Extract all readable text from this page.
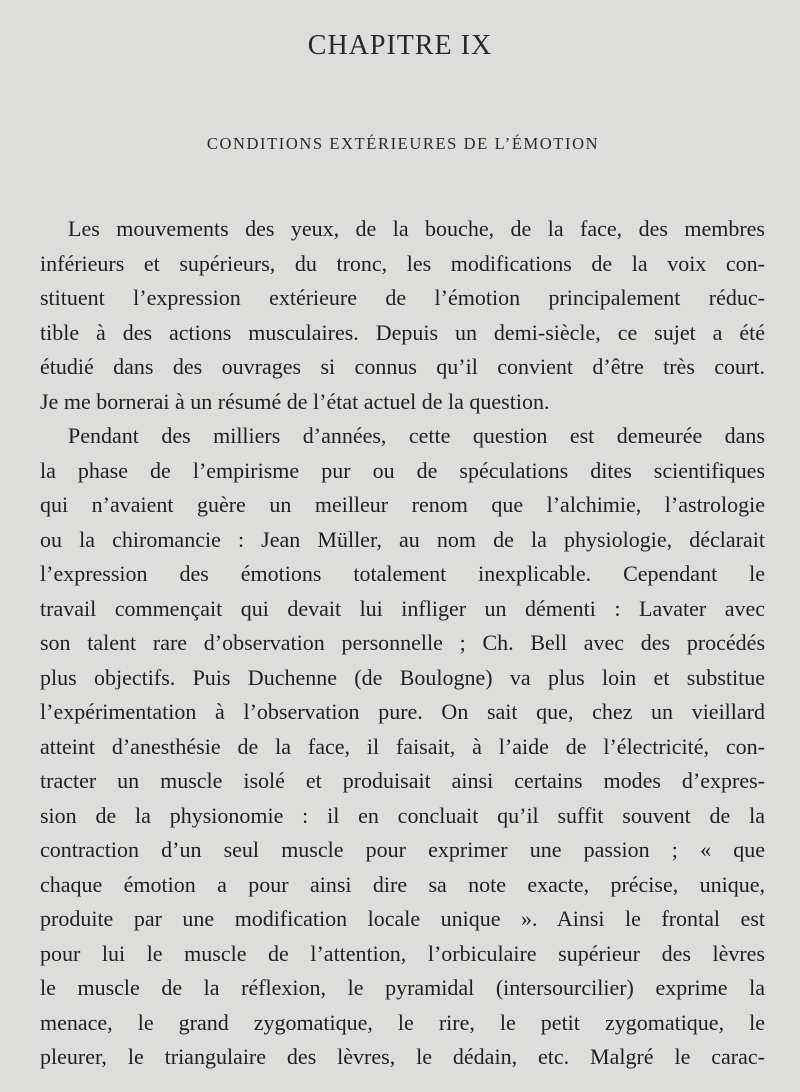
CHAPITRE IX
CONDITIONS EXTÉRIEURES DE L’ÉMOTION
Les mouvements des yeux, de la bouche, de la face, des membres
inférieurs et supérieurs, du tronc, les modifications de la voix con-
stituent l’expression extérieure de l’émotion principalement réduc-
tible à des actions musculaires. Depuis un demi-siècle, ce sujet a été
étudié dans des ouvrages si connus qu’il convient d’être très court.
Je me bornerai à un résumé de l’état actuel de la question.
Pendant des milliers d’années, cette question est demeurée dans
la phase de l’empirisme pur ou de spéculations dites scientifiques
qui n’avaient guère un meilleur renom que l’alchimie, l’astrologie
ou la chiromancie : Jean Müller, au nom de la physiologie, déclarait
l’expression des émotions totalement inexplicable. Cependant le
travail commençait qui devait lui infliger un démenti : Lavater avec
son talent rare d’observation personnelle ; Ch. Bell avec des procédés
plus objectifs. Puis Duchenne (de Boulogne) va plus loin et substitue
l’expérimentation à l’observation pure. On sait que, chez un vieillard
atteint d’anesthésie de la face, il faisait, à l’aide de l’électricité, con-
tracter un muscle isolé et produisait ainsi certains modes d’expres-
sion de la physionomie : il en concluait qu’il suffit souvent de la
contraction d’un seul muscle pour exprimer une passion ; « que
chaque émotion a pour ainsi dire sa note exacte, précise, unique,
produite par une modification locale unique ». Ainsi le frontal est
pour lui le muscle de l’attention, l’orbiculaire supérieur des lèvres
le muscle de la réflexion, le pyramidal (intersourcilier) exprime la
menace, le grand zygomatique, le rire, le petit zygomatique, le
pleurer, le triangulaire des lèvres, le dédain, etc. Malgré le carac-
